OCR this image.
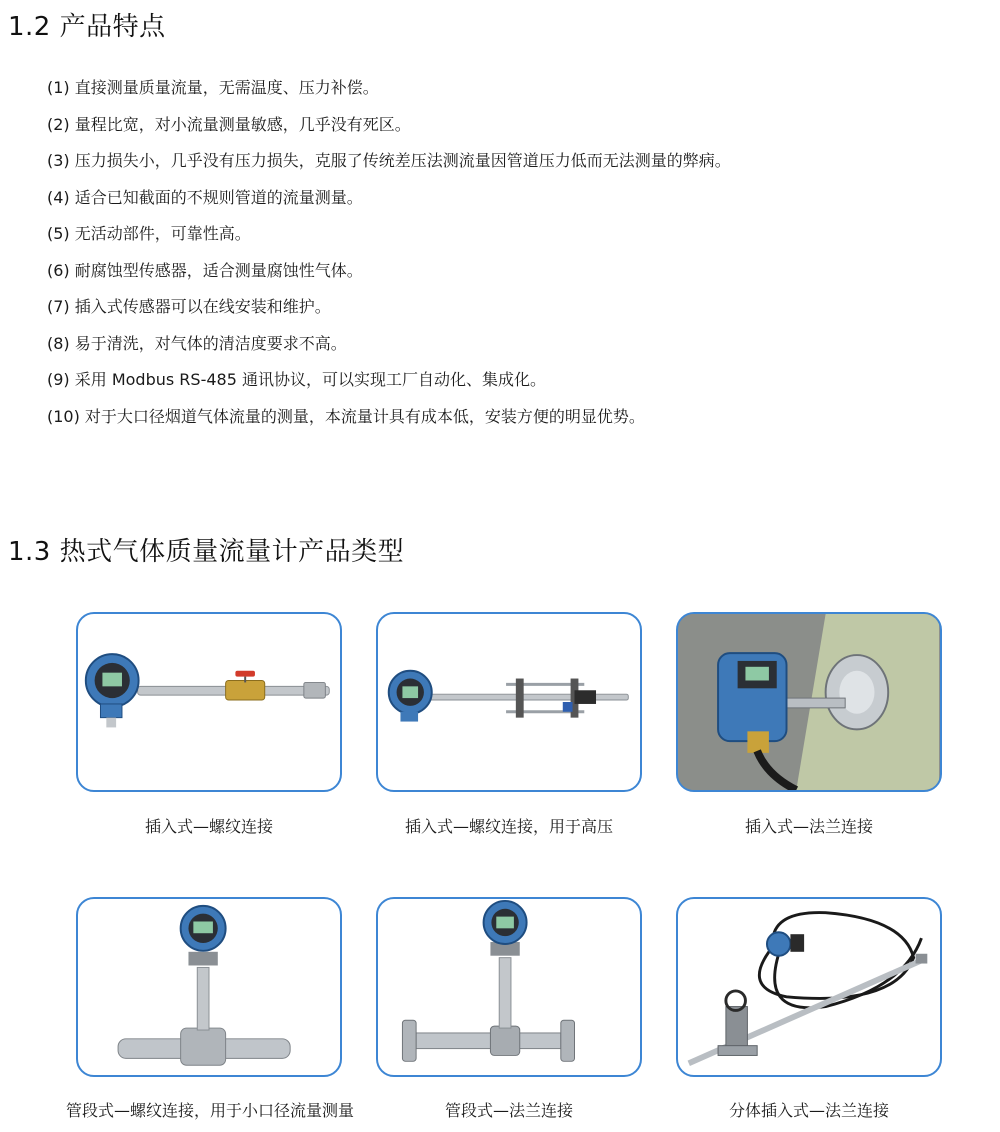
1.2 产品特点
(1) 直接测量质量流量，无需温度、压力补偿。
(2) 量程比宽，对小流量测量敏感，几乎没有死区。
(3) 压力损失小，几乎没有压力损失，克服了传统差压法测流量因管道压力低而无法测量的弊病。
(4) 适合已知截面的不规则管道的流量测量。
(5) 无活动部件，可靠性高。
(6) 耐腐蚀型传感器，适合测量腐蚀性气体。
(7) 插入式传感器可以在线安装和维护。
(8) 易于清洗，对气体的清洁度要求不高。
(9) 采用 Modbus RS-485 通讯协议，可以实现工厂自动化、集成化。
(10) 对于大口径烟道气体流量的测量，本流量计具有成本低，安装方便的明显优势。
1.3 热式气体质量流量计产品类型
插入式—螺纹连接	插入式—螺纹连接，用于高压	插入式—法兰连接
管段式—螺纹连接，用于小口径流量测量	管段式—法兰连接	分体插入式—法兰连接
